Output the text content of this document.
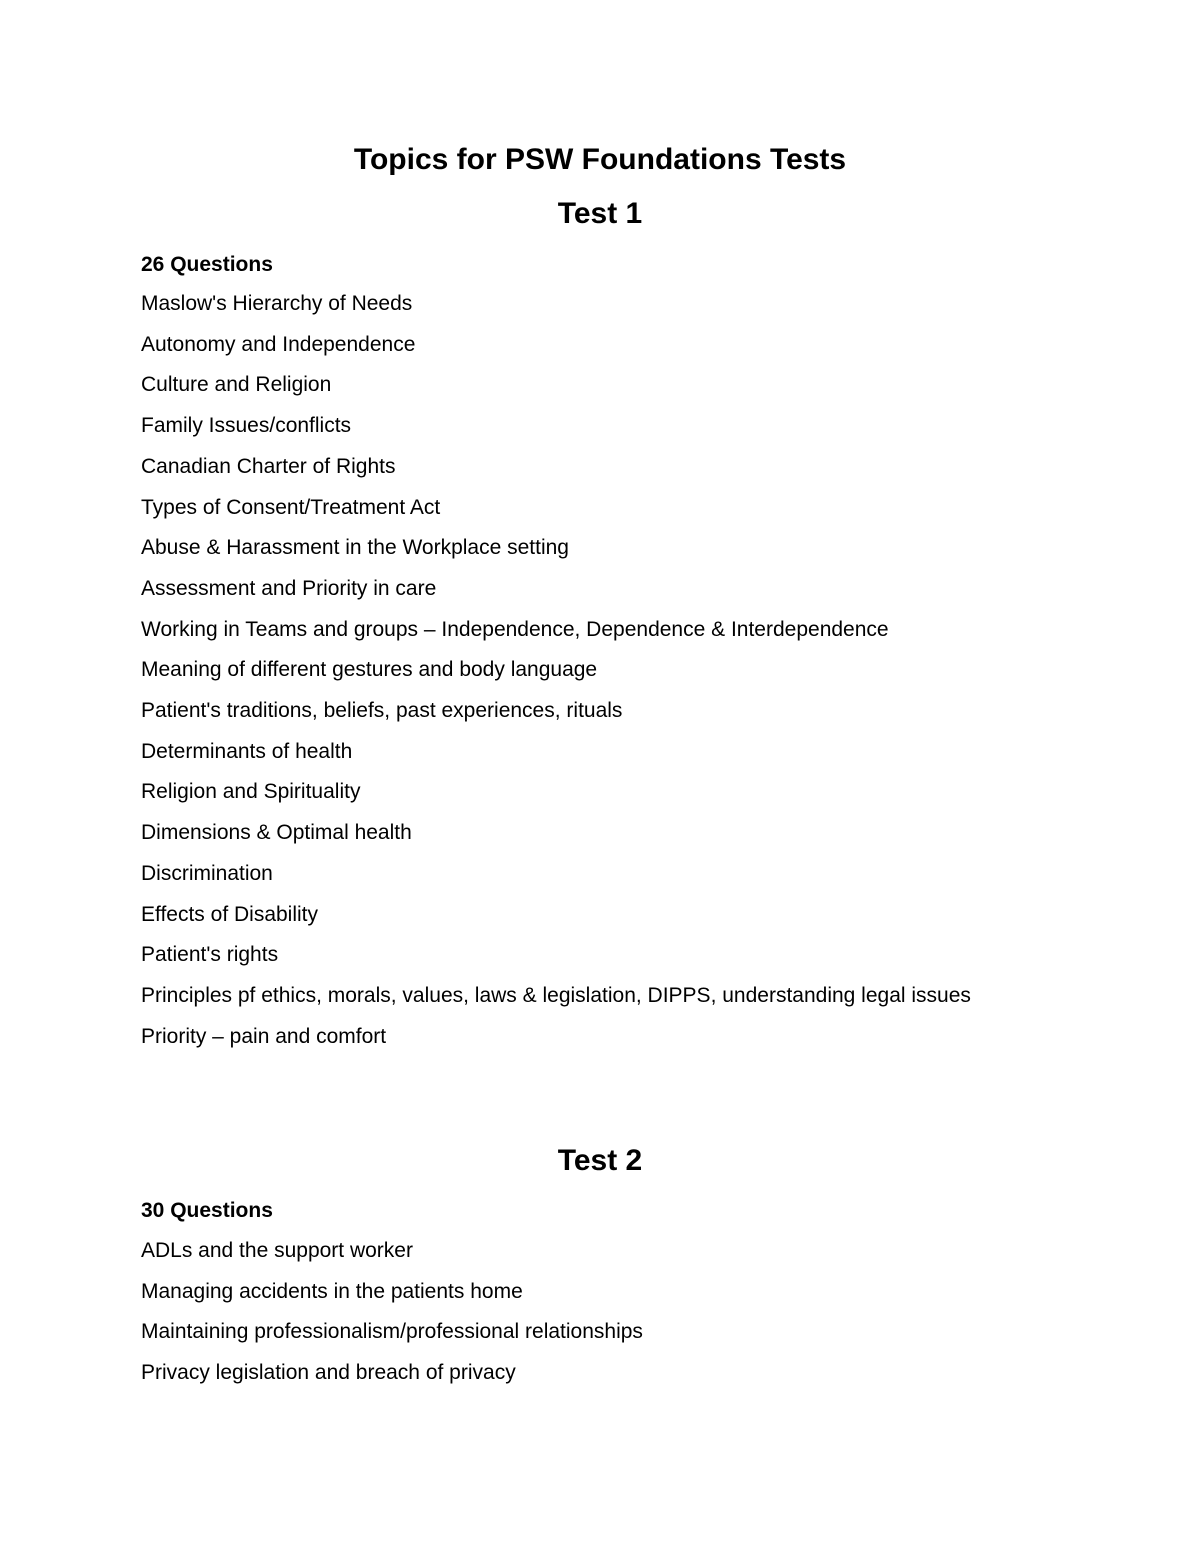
Topics for PSW Foundations Tests
Test 1
26 Questions
Maslow's Hierarchy of Needs
Autonomy and Independence
Culture and Religion
Family Issues/conflicts
Canadian Charter of Rights
Types of Consent/Treatment Act
Abuse & Harassment in the Workplace setting
Assessment and Priority in care
Working in Teams and groups – Independence, Dependence & Interdependence
Meaning of different gestures and body language
Patient's traditions, beliefs, past experiences, rituals
Determinants of health
Religion and Spirituality
Dimensions & Optimal health
Discrimination
Effects of Disability
Patient's rights
Principles pf ethics, morals, values, laws & legislation, DIPPS, understanding legal issues
Priority – pain and comfort
Test 2
30 Questions
ADLs and the support worker
Managing accidents in the patients home
Maintaining professionalism/professional relationships
Privacy legislation and breach of privacy
